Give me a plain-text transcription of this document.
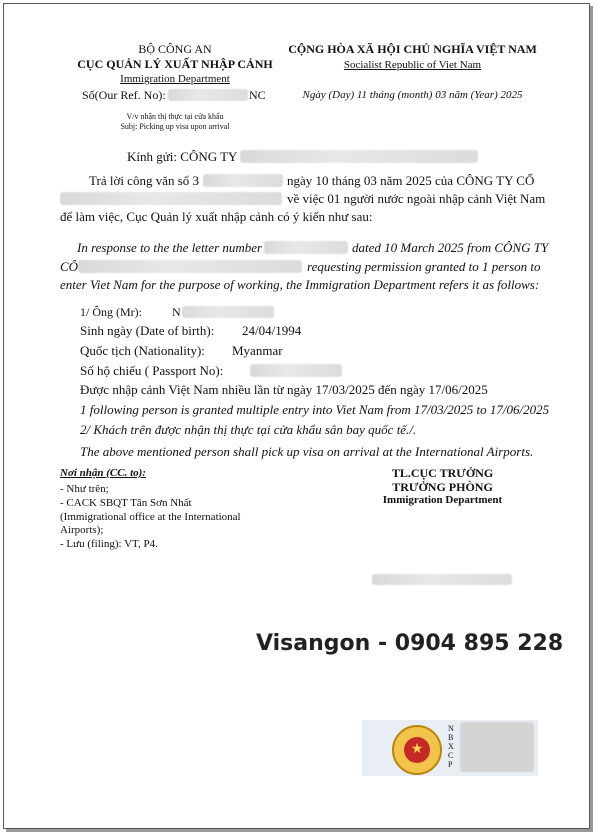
BỘ CÔNG AN
CỤC QUẢN LÝ XUẤT NHẬP CẢNH
Immigration Department
Số(Our Ref. No):	NC
V/v nhận thị thực tại cửa khẩu
Subj: Picking up visa upon arrival
CỘNG HÒA XÃ HỘI CHỦ NGHĨA VIỆT NAM
Socialist Republic of Viet Nam
Ngày (Day) 11 tháng (month) 03 năm (Year) 2025
Kính gửi: CÔNG TY
Trả lời công văn số 3	ngày 10 tháng 03 năm 2025 của CÔNG TY CỔ
về việc 01 người nước ngoài nhập cảnh Việt Nam
để làm việc, Cục Quản lý xuất nhập cảnh có ý kiến như sau:
In response to the the letter number	dated 10 March 2025 from CÔNG TY
CÔ	requesting permission granted to 1 person to
enter Viet Nam for the purpose of working, the Immigration Department refers it as follows:
1/ Ông (Mr):	N
Sinh ngày (Date of birth): 24/04/1994
Quốc tịch (Nationality): Myanmar
Số hộ chiếu ( Passport No):
Được nhập cảnh Việt Nam nhiều lần từ ngày 17/03/2025 đến ngày 17/06/2025
1 following person is granted multiple entry into Viet Nam from 17/03/2025 to 17/06/2025
2/ Khách trên được nhận thị thực tại cửa khẩu sân bay quốc tế./.
The above mentioned person shall pick up visa on arrival at the International Airports.
Nơi nhận (CC. to):
- Như trên;
- CACK SBQT Tân Sơn Nhất
(Immigrational office at the International
Airports);
- Lưu (filing): VT, P4.
TL.CỤC TRƯỞNG
TRƯỞNG PHÒNG
Immigration Department
Visangon - 0904 895 228
★
N
B
X
C
P
